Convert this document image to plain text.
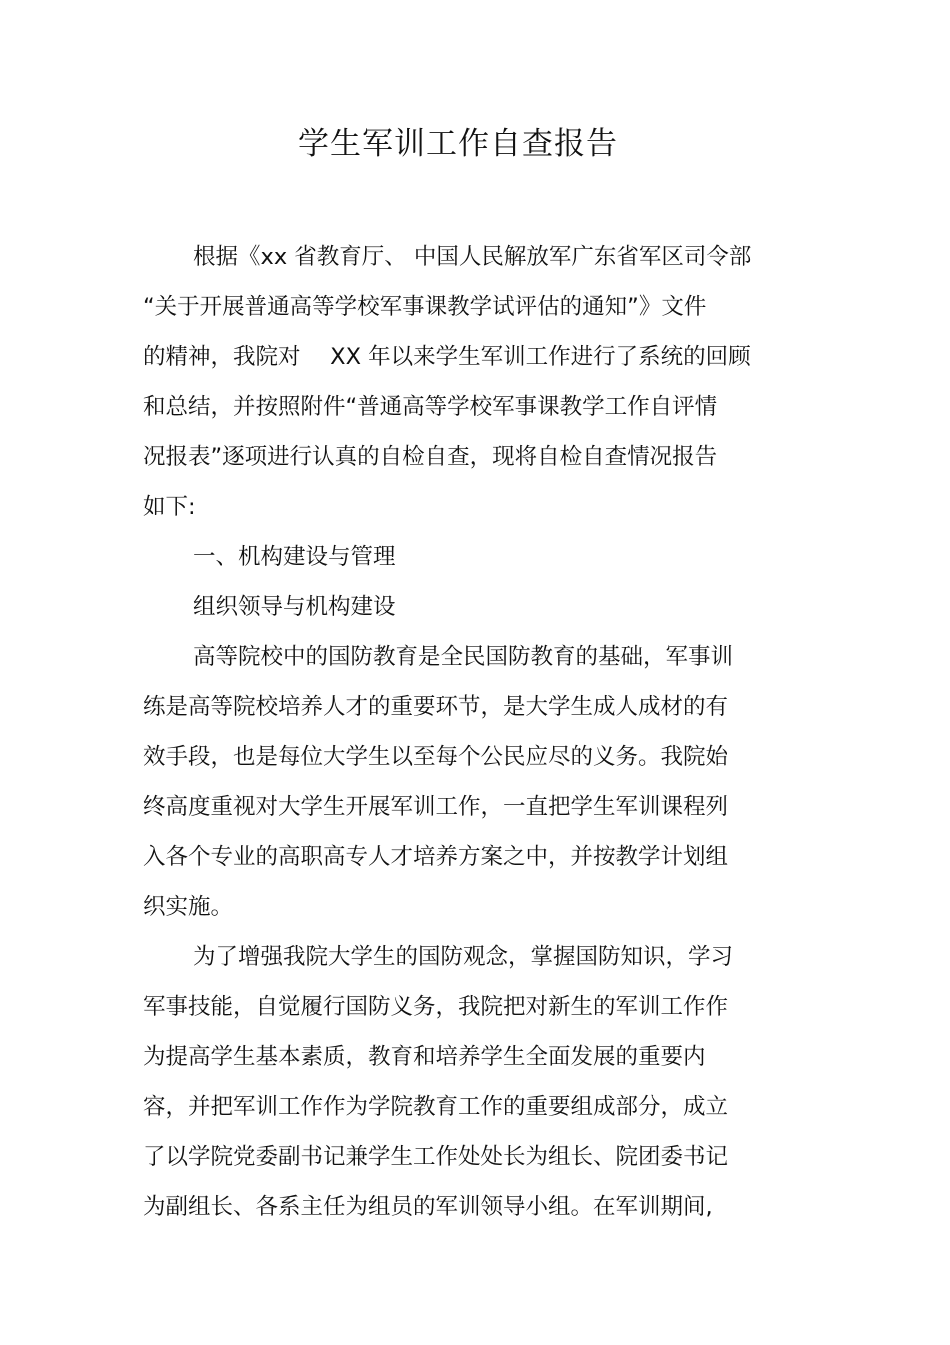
学生军训工作自查报告

根据《xx 省教育厅、 中国人民解放军广东省军区司令部

“关于开展普通高等学校军事课教学试评估的通知”》文件

的精神，我院对　 XX 年以来学生军训工作进行了系统的回顾

和总结，并按照附件“普通高等学校军事课教学工作自评情

况报表”逐项进行认真的自检自查，现将自检自查情况报告

如下:

一、机构建设与管理

组织领导与机构建设

高等院校中的国防教育是全民国防教育的基础，军事训

练是高等院校培养人才的重要环节，是大学生成人成材的有

效手段，也是每位大学生以至每个公民应尽的义务。我院始

终高度重视对大学生开展军训工作，一直把学生军训课程列

入各个专业的高职高专人才培养方案之中，并按教学计划组

织实施。

为了增强我院大学生的国防观念，掌握国防知识，学习

军事技能，自觉履行国防义务，我院把对新生的军训工作作

为提高学生基本素质，教育和培养学生全面发展的重要内

容，并把军训工作作为学院教育工作的重要组成部分，成立

了以学院党委副书记兼学生工作处处长为组长、院团委书记

为副组长、各系主任为组员的军训领导小组。在军训期间,
